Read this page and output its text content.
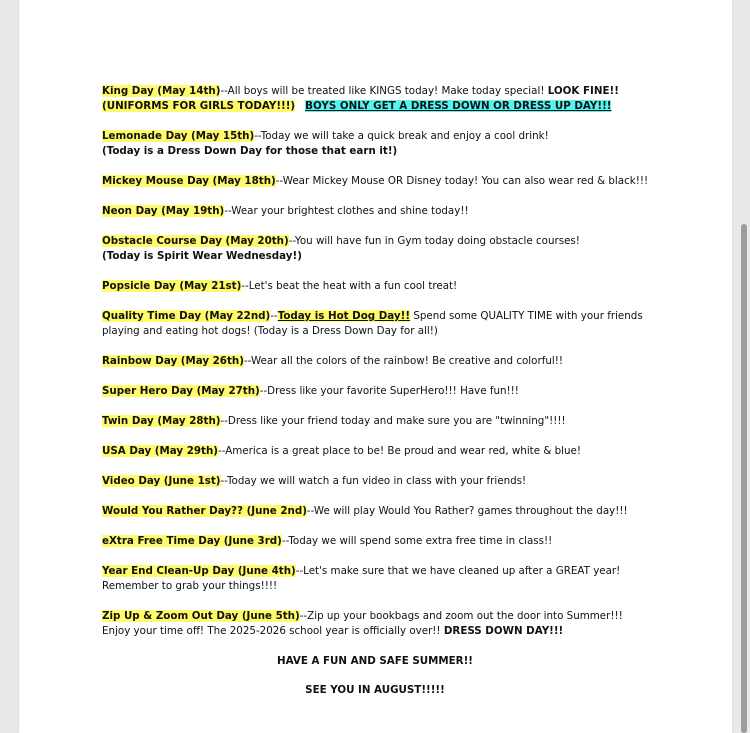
King Day (May 14th)--All boys will be treated like KINGS today! Make today special! LOOK FINE!!
(UNIFORMS FOR GIRLS TODAY!!!) BOYS ONLY GET A DRESS DOWN OR DRESS UP DAY!!!
Lemonade Day (May 15th)--Today we will take a quick break and enjoy a cool drink!
(Today is a Dress Down Day for those that earn it!)
Mickey Mouse Day (May 18th)--Wear Mickey Mouse OR Disney today! You can also wear red & black!!!
Neon Day (May 19th)--Wear your brightest clothes and shine today!!
Obstacle Course Day (May 20th)--You will have fun in Gym today doing obstacle courses!
(Today is Spirit Wear Wednesday!)
Popsicle Day (May 21st)--Let's beat the heat with a fun cool treat!
Quality Time Day (May 22nd)--Today is Hot Dog Day!! Spend some QUALITY TIME with your friends playing and eating hot dogs! (Today is a Dress Down Day for all!)
Rainbow Day (May 26th)--Wear all the colors of the rainbow! Be creative and colorful!!
Super Hero Day (May 27th)--Dress like your favorite SuperHero!!! Have fun!!!
Twin Day (May 28th)--Dress like your friend today and make sure you are "twinning"!!!!
USA Day (May 29th)--America is a great place to be! Be proud and wear red, white & blue!
Video Day (June 1st)--Today we will watch a fun video in class with your friends!
Would You Rather Day?? (June 2nd)--We will play Would You Rather? games throughout the day!!!
eXtra Free Time Day (June 3rd)--Today we will spend some extra free time in class!!
Year End Clean-Up Day (June 4th)--Let's make sure that we have cleaned up after a GREAT year!
Remember to grab your things!!!!
Zip Up & Zoom Out Day (June 5th)--Zip up your bookbags and zoom out the door into Summer!!!
Enjoy your time off! The 2025-2026 school year is officially over!! DRESS DOWN DAY!!!
HAVE A FUN AND SAFE SUMMER!!
SEE YOU IN AUGUST!!!!!
